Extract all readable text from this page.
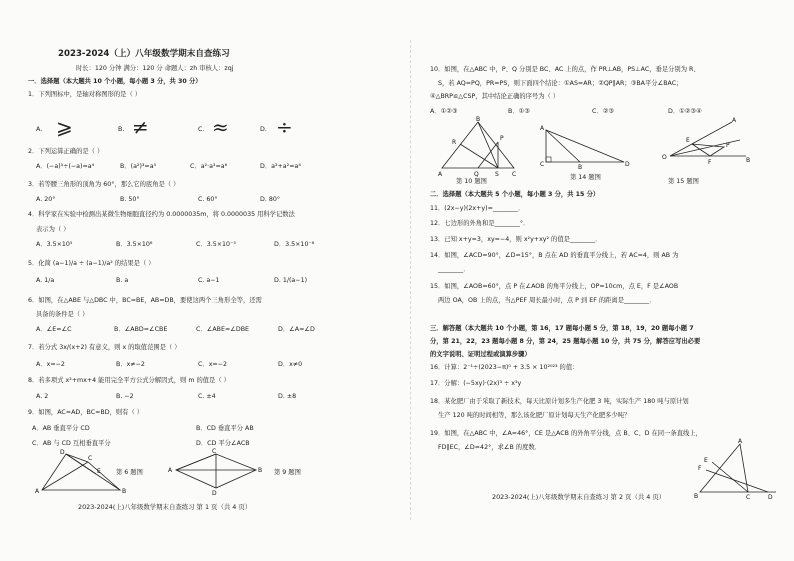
2023-2024（上）八年级数学期末自查练习
时长：120 分钟 满分：120 分 命题人：zh 审核人：zqj
一．选择题（本大题共 10 个小题，每小题 3 分，共 30 分）
1．下列图标中，是轴对称图形的是（ ）
A. ⩾	B. ≠	C. ≈	D. ÷
2．下列运算正确的是（ ）
A．(−a)⁵÷(−a)=a⁴	B．(a²)³=a⁵	C．a²·a³=a⁶	D．a²+a²=a⁴
3．若等腰三角形的顶角为 60°，那么它的底角是（ ）
A. 20°	B. 50°	C. 60°	D. 80°
4．科学家在实验中检测出某微生物细胞直径约为 0.0000035m，将 0.0000035 用科学记数法
表示为（ ）
A．3.5×10⁵	B．3.5×10⁶	C．3.5×10⁻⁵	D．3.5×10⁻⁶
5．化简 (a−1)/a ÷ (a−1)/a² 的结果是（ ）
A. 1/a	B. a	C. a−1	D. 1/(a−1)
6．如图，在△ABE 与△DBC 中，BC=BE，AB=DB，要使这两个三角形全等，还需
具备的条件是（ ）
A．∠E=∠C	B．∠ABD=∠CBE	C．∠ABE=∠DBE	D．∠A=∠D
7．若分式 3x/(x+2) 有意义，则 x 的取值范围是（ ）
A．x=−2	B．x≠−2	C．x=−2	D．x≠0
8．若多项式 x²+mx+4 能用完全平方公式分解因式，则 m 的值是（ ）
A. 2	B. −2	C. ±4	D. ±8
9．如图，AC=AD，BC=BD，则有（ ）
A．AB 垂直平分 CD	B．CD 垂直平分 AB
C．AB 与 CD 互相垂直平分	D．CD 平分∠ACB
D
C
E
A	B
第 6 题图
C
A	B
D
第 9 题图
2023-2024(上)八年级数学期末自查练习 第 1 页（共 4 页）
10．如图，在△ABC 中，P、Q 分别是 BC、AC 上的点，作 PR⊥AB，PS⊥AC，垂足分别为 R、
S，若 AQ=PQ，PR=PS，则下面四个结论：①AS=AR；②QP∥AR；③BA平分∠BAC；
④△BRP≌△CSP，其中结论正确的序号为（ ）
A．①②③	B．①③	C．②③	D．①②③④
B
R
A	Q	S C
P
第 10 题图
A
C	B	D
第 14 题图
A
E
O
P
F	B
第 15 题图
二．选择题（本大题共 5 个小题，每小题 3 分，共 15 分）
11．(2x−y)(2x+y)=________．
12．七边形的外角和是________°．
13．已知 x+y=3，xy=−4，则 x²y+xy² 的值是________．
14．如图，∠ACD=90°，∠D=15°，B 点在 AD 的垂直平分线上，若 AC=4，则 AB 为
________．
15．如图，∠AOB=60°，点 P 在∠AOB 的角平分线上，OP=10cm，点 E，F 是∠AOB
两边 OA，OB 上的点，当△PEF 周长最小时，点 P 到 EF 的距离是________．
三．解答题（本大题共 10 个小题，第 16，17 题每小题 5 分，第 18，19，20 题每小题 7
分，第 21，22，23 题每小题 8 分，第 24，25 题每小题 10 分，共 75 分，解答应写出必要
的文字说明、证明过程或演算步骤）
16．计算：2⁻¹÷(2023−π)⁰ + 3.5 × 10²⁰²³ 的值：
17．分解：(−5xy)·(2x)³ ÷ x³y
18．某化肥厂由于采取了新技术，每天比原计划多生产化肥 3 吨，实际生产 180 吨与原计划
生产 120 吨的时间相等，那么该化肥厂原计划每天生产化肥多少吨？
19．如图，在△ABC 中，∠A=46°，CE 是△ACB 的外角平分线，点 B、C、D 在同一条直线上，
FD∥EC，∠D=42°，求∠B 的度数．
A
F
E
B	C	D
2023-2024(上)八年级数学期末自查练习 第 2 页（共 4 页）
